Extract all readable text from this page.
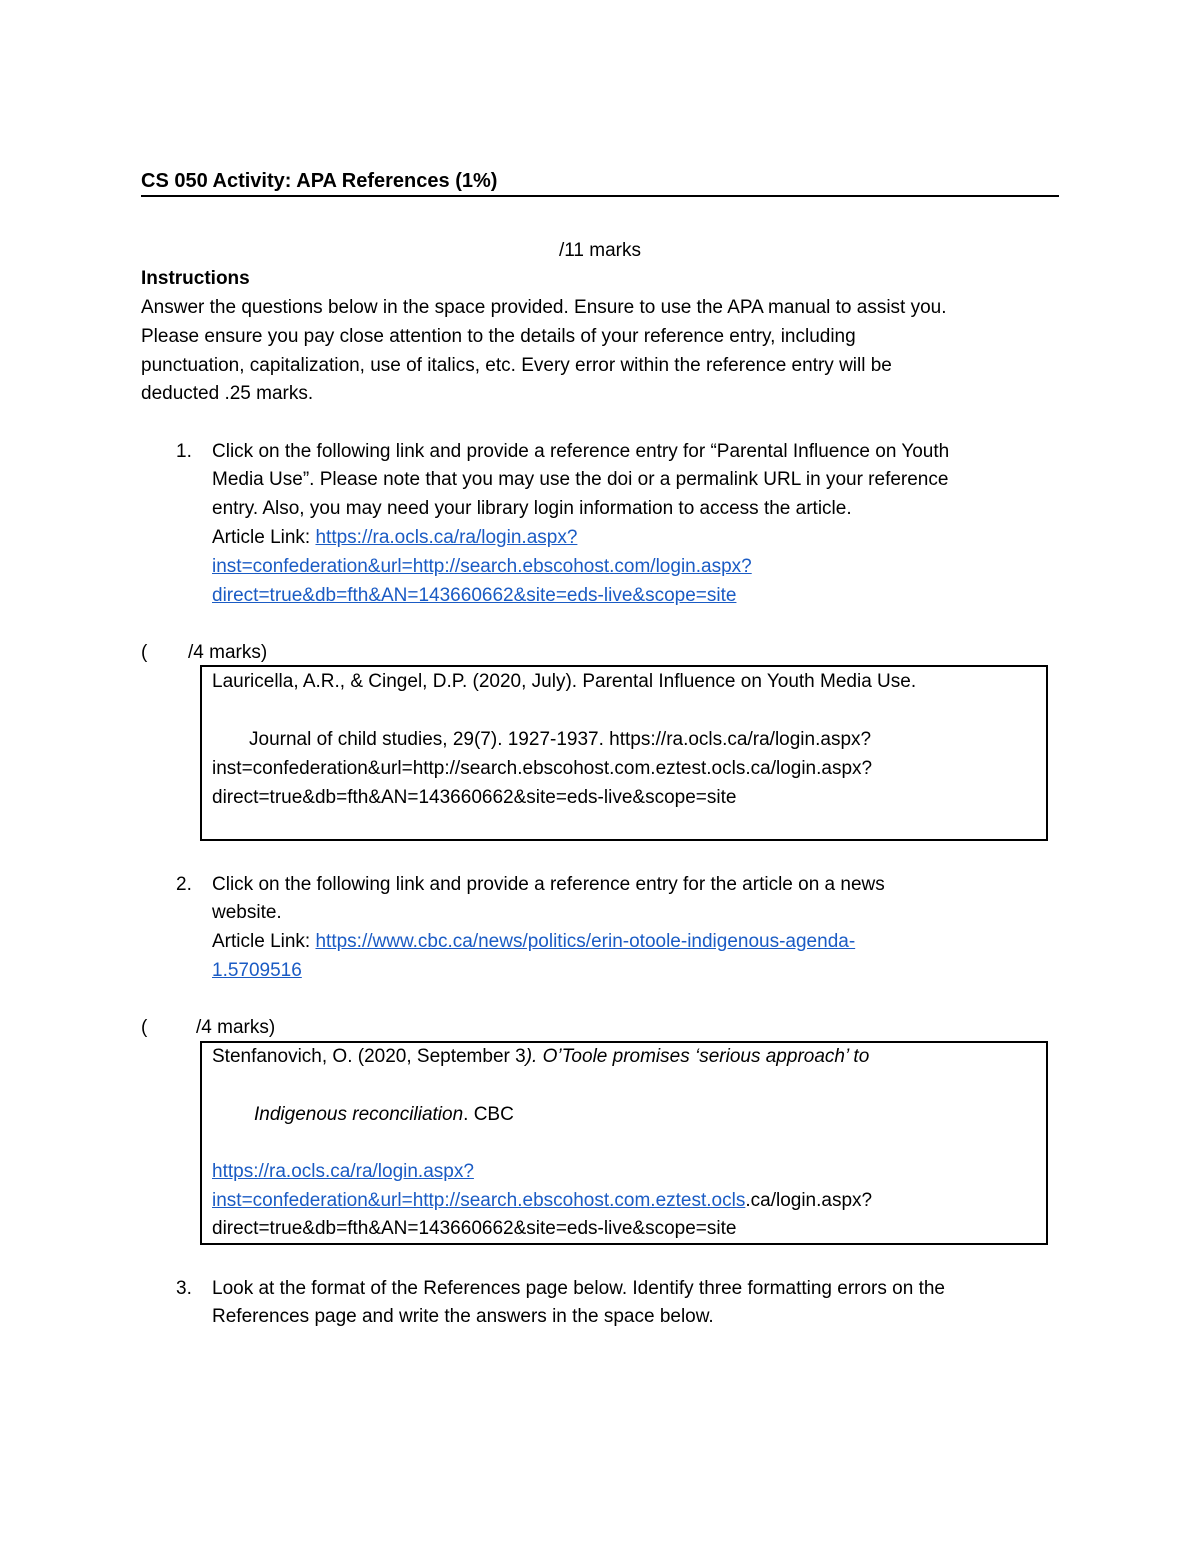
CS 050 Activity: APA References (1%)
/11 marks
Instructions
Answer the questions below in the space provided. Ensure to use the APA manual to assist you.
Please ensure you pay close attention to the details of your reference entry, including
punctuation, capitalization, use of italics, etc. Every error within the reference entry will be
deducted .25 marks.
1. Click on the following link and provide a reference entry for “Parental Influence on Youth
Media Use”. Please note that you may use the doi or a permalink URL in your reference
entry. Also, you may need your library login information to access the article.
Article Link: https://ra.ocls.ca/ra/login.aspx?
inst=confederation&url=http://search.ebscohost.com/login.aspx?
direct=true&db=fth&AN=143660662&site=eds-live&scope=site
( /4 marks)
Lauricella, A.R., & Cingel, D.P. (2020, July). Parental Influence on Youth Media Use.
Journal of child studies, 29(7). 1927-1937. https://ra.ocls.ca/ra/login.aspx?
inst=confederation&url=http://search.ebscohost.com.eztest.ocls.ca/login.aspx?
direct=true&db=fth&AN=143660662&site=eds-live&scope=site
2. Click on the following link and provide a reference entry for the article on a news
website.
Article Link: https://www.cbc.ca/news/politics/erin-otoole-indigenous-agenda-
1.5709516
(	/4 marks)
Stenfanovich, O. (2020, September 3). O’Toole promises ‘serious approach’ to
Indigenous reconciliation. CBC
https://ra.ocls.ca/ra/login.aspx?
inst=confederation&url=http://search.ebscohost.com.eztest.ocls.ca/login.aspx?
direct=true&db=fth&AN=143660662&site=eds-live&scope=site
3. Look at the format of the References page below. Identify three formatting errors on the
References page and write the answers in the space below.
